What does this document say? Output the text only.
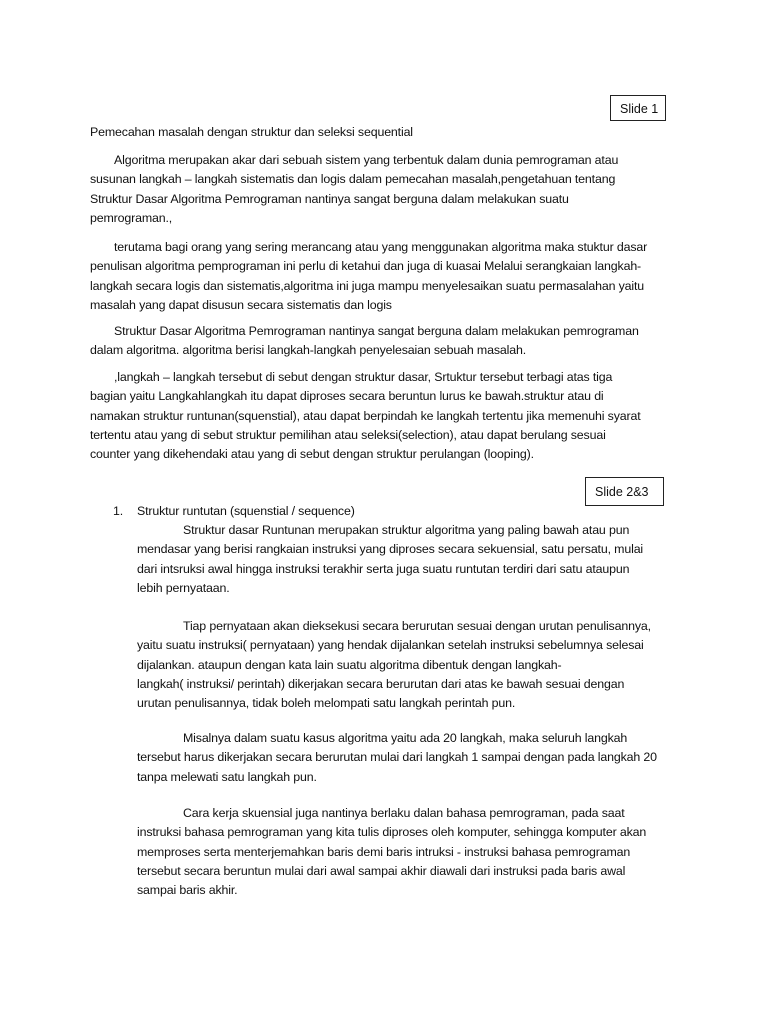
Slide 1
Pemecahan masalah dengan struktur dan seleksi sequential
Algoritma merupakan akar dari sebuah sistem yang terbentuk dalam dunia pemrograman atau
susunan langkah – langkah sistematis dan logis dalam pemecahan masalah,pengetahuan tentang
Struktur Dasar Algoritma Pemrograman nantinya sangat berguna dalam melakukan suatu
pemrograman.,
terutama bagi orang yang sering merancang atau yang menggunakan algoritma maka stuktur dasar
penulisan algoritma pemprograman ini perlu di ketahui dan juga di kuasai Melalui serangkaian langkah-
langkah secara logis dan sistematis,algoritma ini juga mampu menyelesaikan suatu permasalahan yaitu
masalah yang dapat disusun secara sistematis dan logis
Struktur Dasar Algoritma Pemrograman nantinya sangat berguna dalam melakukan pemrograman
dalam algoritma. algoritma berisi langkah-langkah penyelesaian sebuah masalah.
,langkah – langkah tersebut di sebut dengan struktur dasar, Srtuktur tersebut terbagi atas tiga
bagian yaitu Langkahlangkah itu dapat diproses secara beruntun lurus ke bawah.struktur atau di
namakan struktur runtunan(squenstial), atau dapat berpindah ke langkah tertentu jika memenuhi syarat
tertentu atau yang di sebut struktur pemilihan atau seleksi(selection), atau dapat berulang sesuai
counter yang dikehendaki atau yang di sebut dengan struktur perulangan (looping).
Slide 2&3
1. Struktur runtutan (squenstial / sequence)
Struktur dasar Runtunan merupakan struktur algoritma yang paling bawah atau pun
mendasar yang berisi rangkaian instruksi yang diproses secara sekuensial, satu persatu, mulai
dari intsruksi awal hingga instruksi terakhir serta juga suatu runtutan terdiri dari satu ataupun
lebih pernyataan.
Tiap pernyataan akan dieksekusi secara berurutan sesuai dengan urutan penulisannya,
yaitu suatu instruksi( pernyataan) yang hendak dijalankan setelah instruksi sebelumnya selesai
dijalankan. ataupun dengan kata lain suatu algoritma dibentuk dengan langkah-
langkah( instruksi/ perintah) dikerjakan secara berurutan dari atas ke bawah sesuai dengan
urutan penulisannya, tidak boleh melompati satu langkah perintah pun.
Misalnya dalam suatu kasus algoritma yaitu ada 20 langkah, maka seluruh langkah
tersebut harus dikerjakan secara berurutan mulai dari langkah 1 sampai dengan pada langkah 20
tanpa melewati satu langkah pun.
Cara kerja skuensial juga nantinya berlaku dalan bahasa pemrograman, pada saat
instruksi bahasa pemrograman yang kita tulis diproses oleh komputer, sehingga komputer akan
memproses serta menterjemahkan baris demi baris intruksi - instruksi bahasa pemrograman
tersebut secara beruntun mulai dari awal sampai akhir diawali dari instruksi pada baris awal
sampai baris akhir.
